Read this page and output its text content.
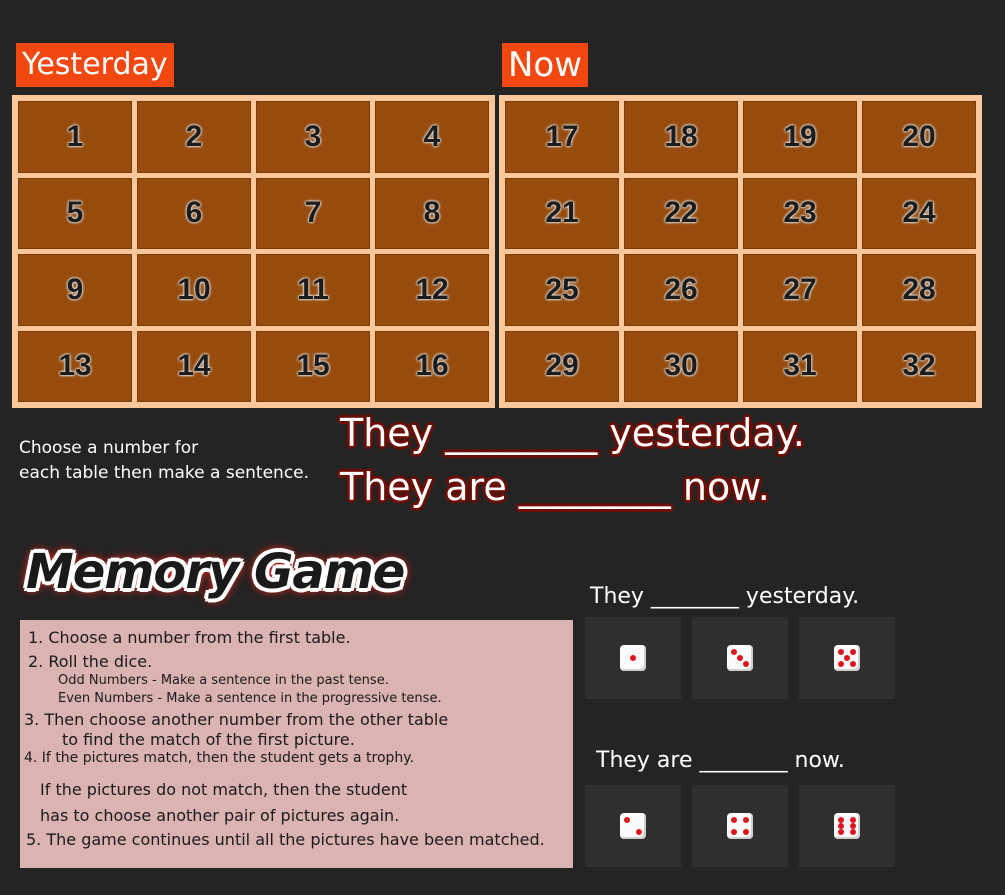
Yesterday	Now
1	2	3	4
5	6	7	8
9	10	11	12
13	14	15	16
17	18	19	20
21	22	23	24
25	26	27	28
29	30	31	32
Choose a number for
each table then make a sentence.
They ________ yesterday.
They are ________ now.
Memory Game
1. Choose a number from the first table.
2. Roll the dice.
Odd Numbers - Make a sentence in the past tense.
Even Numbers - Make a sentence in the progressive tense.
3. Then choose another number from the other table
to find the match of the first picture.
4. If the pictures match, then the student gets a trophy.
If the pictures do not match, then the student
has to choose another pair of pictures again.
5. The game continues until all the pictures have been matched.
They ________ yesterday.
They are ________ now.
